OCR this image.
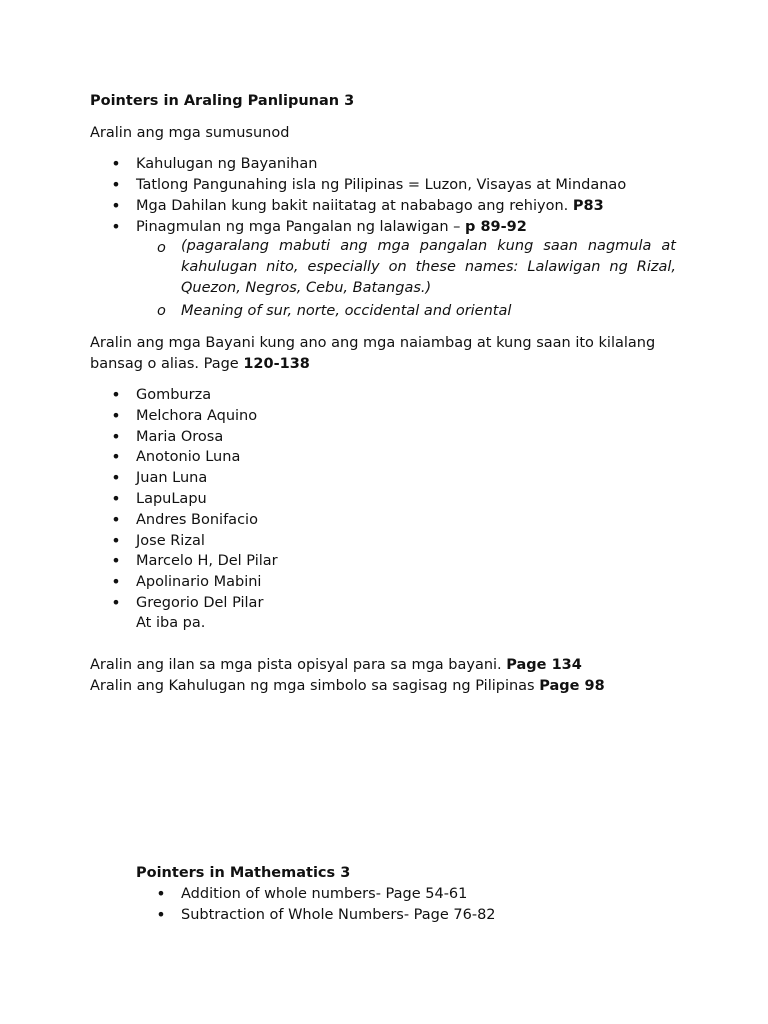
Pointers in Araling Panlipunan 3
Aralin ang mga sumusunod
•
Kahulugan ng Bayanihan
•
Tatlong Pangunahing isla ng Pilipinas = Luzon, Visayas at Mindanao
•
Mga Dahilan kung bakit naiitatag at nababago ang rehiyon. P83
•
Pinagmulan ng mga Pangalan ng lalawigan – p 89-92
o (pagaralang mabuti ang mga pangalan kung saan nagmula at kahulugan nito, especially on these names: Lalawigan ng Rizal, Quezon, Negros, Cebu, Batangas.)
o Meaning of sur, norte, occidental and oriental
Aralin ang mga Bayani kung ano ang mga naiambag at kung saan ito kilalang bansag o alias. Page 120-138
•
Gomburza
•
Melchora Aquino
•
Maria Orosa
•
Anotonio Luna
•
Juan Luna
•
LapuLapu
•
Andres Bonifacio
•
Jose Rizal
•
Marcelo H, Del Pilar
•
Apolinario Mabini
•
Gregorio Del Pilar
At iba pa.
Aralin ang ilan sa mga pista opisyal para sa mga bayani. Page 134
Aralin ang Kahulugan ng mga simbolo sa sagisag ng Pilipinas Page 98
Pointers in Mathematics 3
•
Addition of whole numbers- Page 54-61
•
Subtraction of Whole Numbers- Page 76-82
